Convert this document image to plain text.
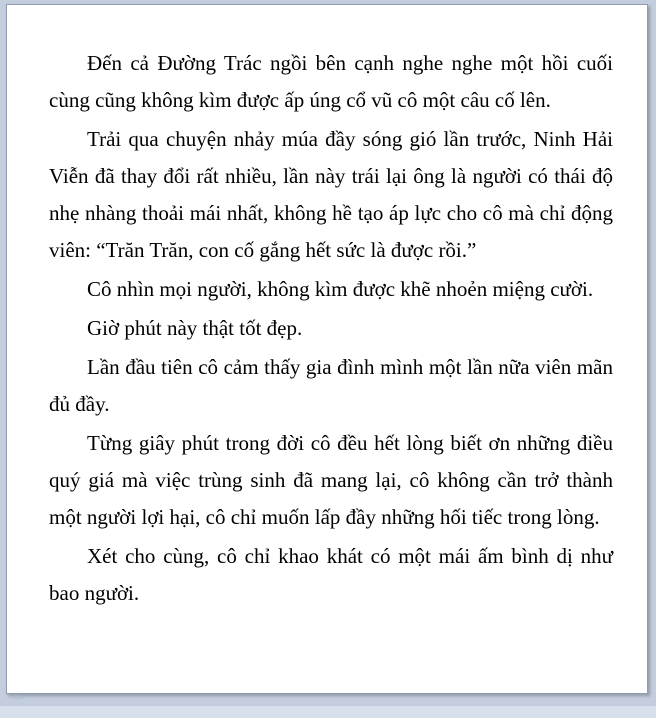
Đến cả Đường Trác ngồi bên cạnh nghe nghe một hồi cuối cùng cũng không kìm được ấp úng cổ vũ cô một câu cố lên.

Trải qua chuyện nhảy múa đầy sóng gió lần trước, Ninh Hải Viễn đã thay đổi rất nhiều, lần này trái lại ông là người có thái độ nhẹ nhàng thoải mái nhất, không hề tạo áp lực cho cô mà chỉ động viên: “Trăn Trăn, con cố gắng hết sức là được rồi.”

Cô nhìn mọi người, không kìm được khẽ nhoẻn miệng cười.

Giờ phút này thật tốt đẹp.

Lần đầu tiên cô cảm thấy gia đình mình một lần nữa viên mãn đủ đầy.

Từng giây phút trong đời cô đều hết lòng biết ơn những điều quý giá mà việc trùng sinh đã mang lại, cô không cần trở thành một người lợi hại, cô chỉ muốn lấp đầy những hối tiếc trong lòng.

Xét cho cùng, cô chỉ khao khát có một mái ấm bình dị như bao người.

⇦
